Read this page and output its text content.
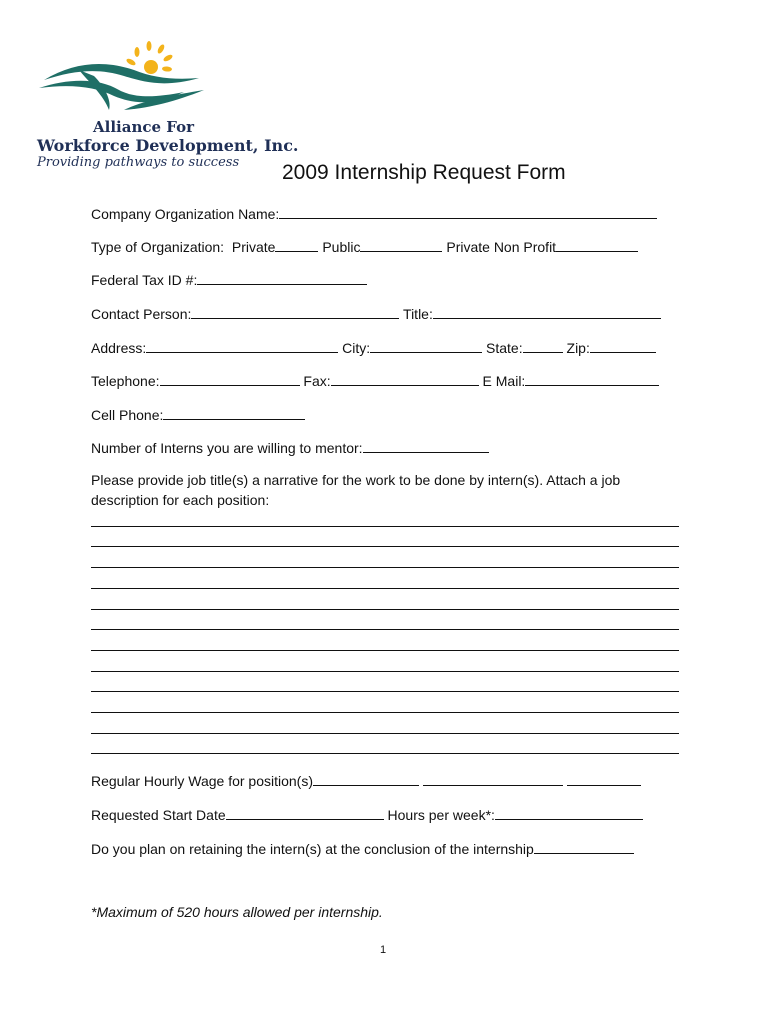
Alliance For
Workforce Development, Inc.
Providing pathways to success 2009 Internship Request Form
Company Organization Name:
Type of Organization: Private	Public	Private Non Profit
Federal Tax ID #:
Contact Person:	Title:
Address:	City:	State:	Zip:
Telephone:	Fax:	E Mail:
Cell Phone:
Number of Interns you are willing to mentor:
Please provide job title(s) a narrative for the work to be done by intern(s). Attach a job description for each position:
Regular Hourly Wage for position(s)
Requested Start Date	Hours per week*:
Do you plan on retaining the intern(s) at the conclusion of the internship
*Maximum of 520 hours allowed per internship.
1
